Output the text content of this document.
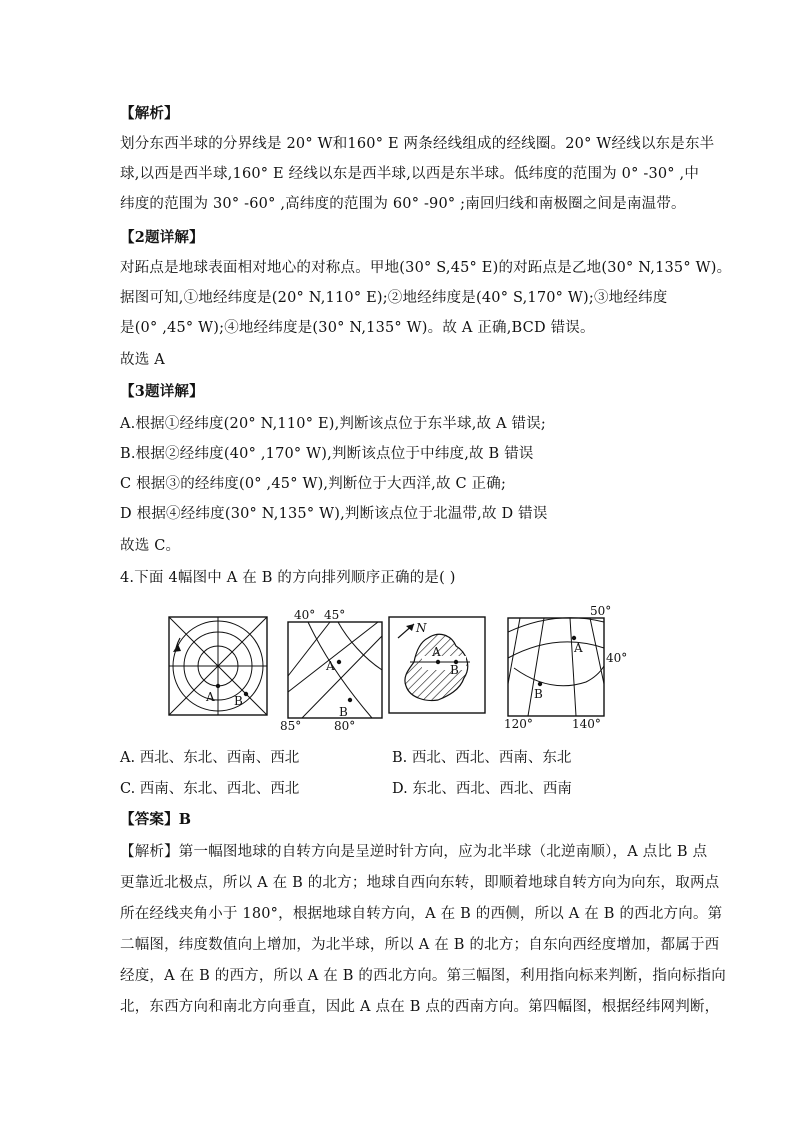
【解析】
划分东西半球的分界线是 20° W和160° E 两条经线组成的经线圈。20° W经线以东是东半
球,以西是西半球,160° E 经线以东是西半球,以西是东半球。低纬度的范围为 0° -30° ,中
纬度的范围为 30° -60° ,高纬度的范围为 60° -90° ;南回归线和南极圈之间是南温带。
【2题详解】
对跖点是地球表面相对地心的对称点。甲地(30° S,45° E)的对跖点是乙地(30° N,135° W)。
据图可知,①地经纬度是(20° N,110° E);②地经纬度是(40° S,170° W);③地经纬度
是(0° ,45° W);④地经纬度是(30° N,135° W)。故 A 正确,BCD 错误。
故选 A
【3题详解】
A.根据①经纬度(20° N,110° E),判断该点位于东半球,故 A 错误;
B.根据②经纬度(40° ,170° W),判断该点位于中纬度,故 B 错误
C 根据③的经纬度(0° ,45° W),判断位于大西洋,故 C 正确;
D 根据④经纬度(30° N,135° W),判断该点位于北温带,故 D 错误
故选 C。
4.下面 4幅图中 A 在 B 的方向排列顺序正确的是( )
A B
A
B
40° 45°
85°	80°
A
B
N
A
B
50°
40°
120°	140°
A. 西北、东北、西南、西北	B. 西北、西北、西南、东北
C. 西南、东北、西北、西北	D. 东北、西北、西北、西南
【答案】B
【解析】第一幅图地球的自转方向是呈逆时针方向，应为北半球（北逆南顺），A 点比 B 点
更靠近北极点，所以 A 在 B 的北方；地球自西向东转，即顺着地球自转方向为向东，取两点
所在经线夹角小于 180°，根据地球自转方向，A 在 B 的西侧，所以 A 在 B 的西北方向。第
二幅图，纬度数值向上增加，为北半球，所以 A 在 B 的北方；自东向西经度增加，都属于西
经度，A 在 B 的西方，所以 A 在 B 的西北方向。第三幅图，利用指向标来判断，指向标指向
北，东西方向和南北方向垂直，因此 A 点在 B 点的西南方向。第四幅图，根据经纬网判断，
